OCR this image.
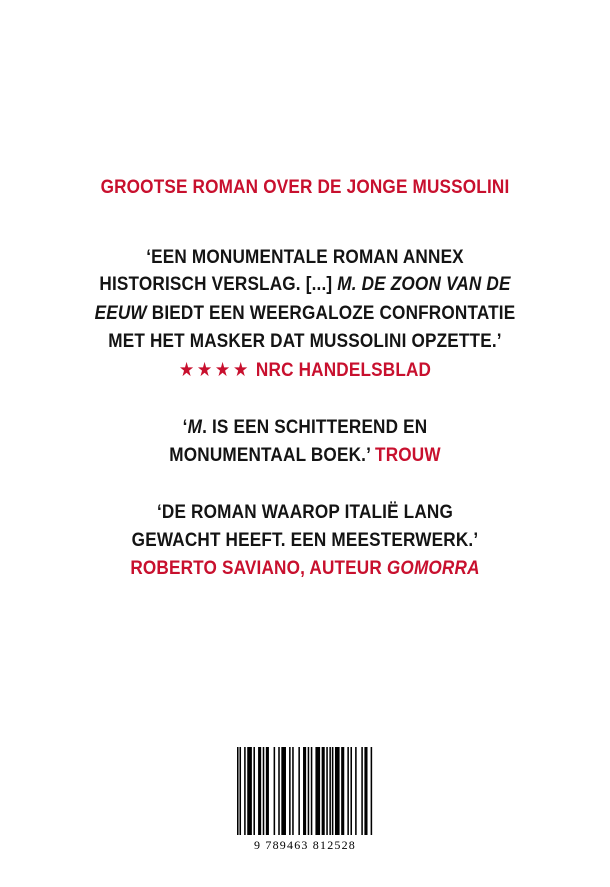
GROOTSE ROMAN OVER DE JONGE MUSSOLINI
‘EEN MONUMENTALE ROMAN ANNEX
HISTORISCH VERSLAG. [...] M. DE ZOON VAN DE
EEUW BIEDT EEN WEERGALOZE CONFRONTATIE
MET HET MASKER DAT MUSSOLINI OPZETTE.’
★★★★ NRC HANDELSBLAD
‘M. IS EEN SCHITTEREND EN
MONUMENTAAL BOEK.’ TROUW
‘DE ROMAN WAAROP ITALIË LANG
GEWACHT HEEFT. EEN MEESTERWERK.’
ROBERTO SAVIANO, AUTEUR GOMORRA
9 789463 812528
